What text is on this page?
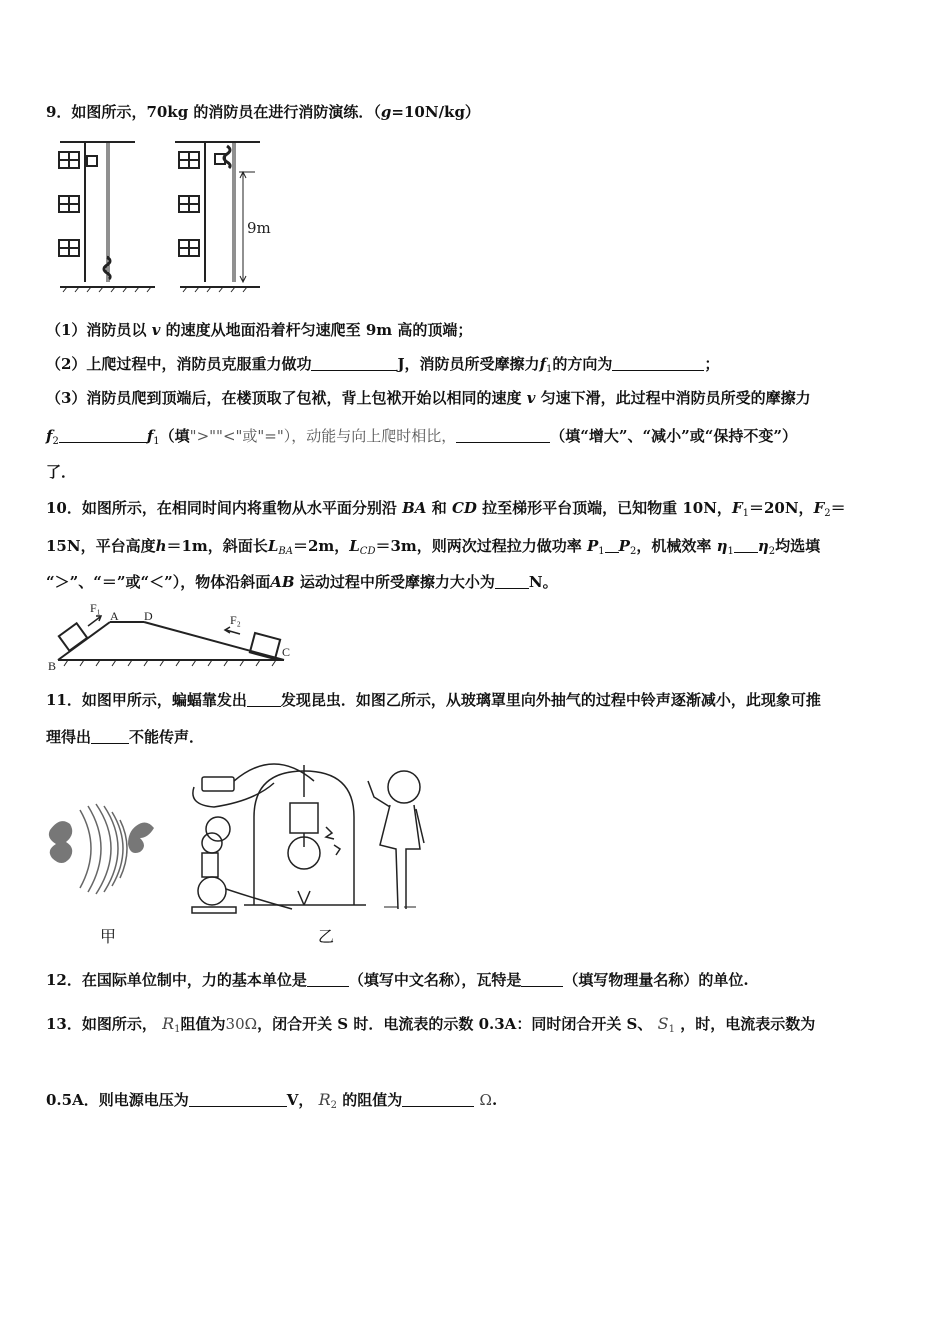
9．如图所示，70kg 的消防员在进行消防演练．（g=10N/kg）
9m
（1）消防员以 v 的速度从地面沿着杆匀速爬至 9m 高的顶端；
（2）上爬过程中，消防员克服重力做功	J，消防员所受摩擦力$f_1$的方向为	；
（3）消防员爬到顶端后，在楼顶取了包袱，背上包袱开始以相同的速度 v 匀速下滑，此过程中消防员所受的摩擦力
$f_2$	$f_1$（填">""<"或"="），动能与向上爬时相比，	（填“增大”、“减小”或“保持不变”）
了．
10．如图所示，在相同时间内将重物从水平面分别沿 BA 和 CD 拉至梯形平台顶端，已知物重 10N，$F_1=20N$，$F_2=$
15N，平台高度h＝1m，斜面长$L_{BA}=2m$，$L_{CD}=3m$，则两次过程拉力做功率 $P_1$ $P_2$，机械效率 $\eta_1$ $\eta_2$均选填
“＞”、“＝”或“＜”），物体沿斜面AB 运动过程中所受摩擦力大小为 N。
F₁
A D	F₂
B
C
11．如图甲所示，蝙蝠靠发出 发现昆虫．如图乙所示，从玻璃罩里向外抽气的过程中铃声逐渐减小，此现象可推
理得出	不能传声．
甲	乙
12．在国际单位制中，力的基本单位是	（填写中文名称），瓦特是	（填写物理量名称）的单位.
13．如图所示， $R_1$阻值为30Ω，闭合开关 S 时．电流表的示数 0.3A：同时闭合开关 S、 $S_1$ ，时，电流表示数为
0.5A．则电源电压为	V， $R_2$ 的阻值为	Ω.
